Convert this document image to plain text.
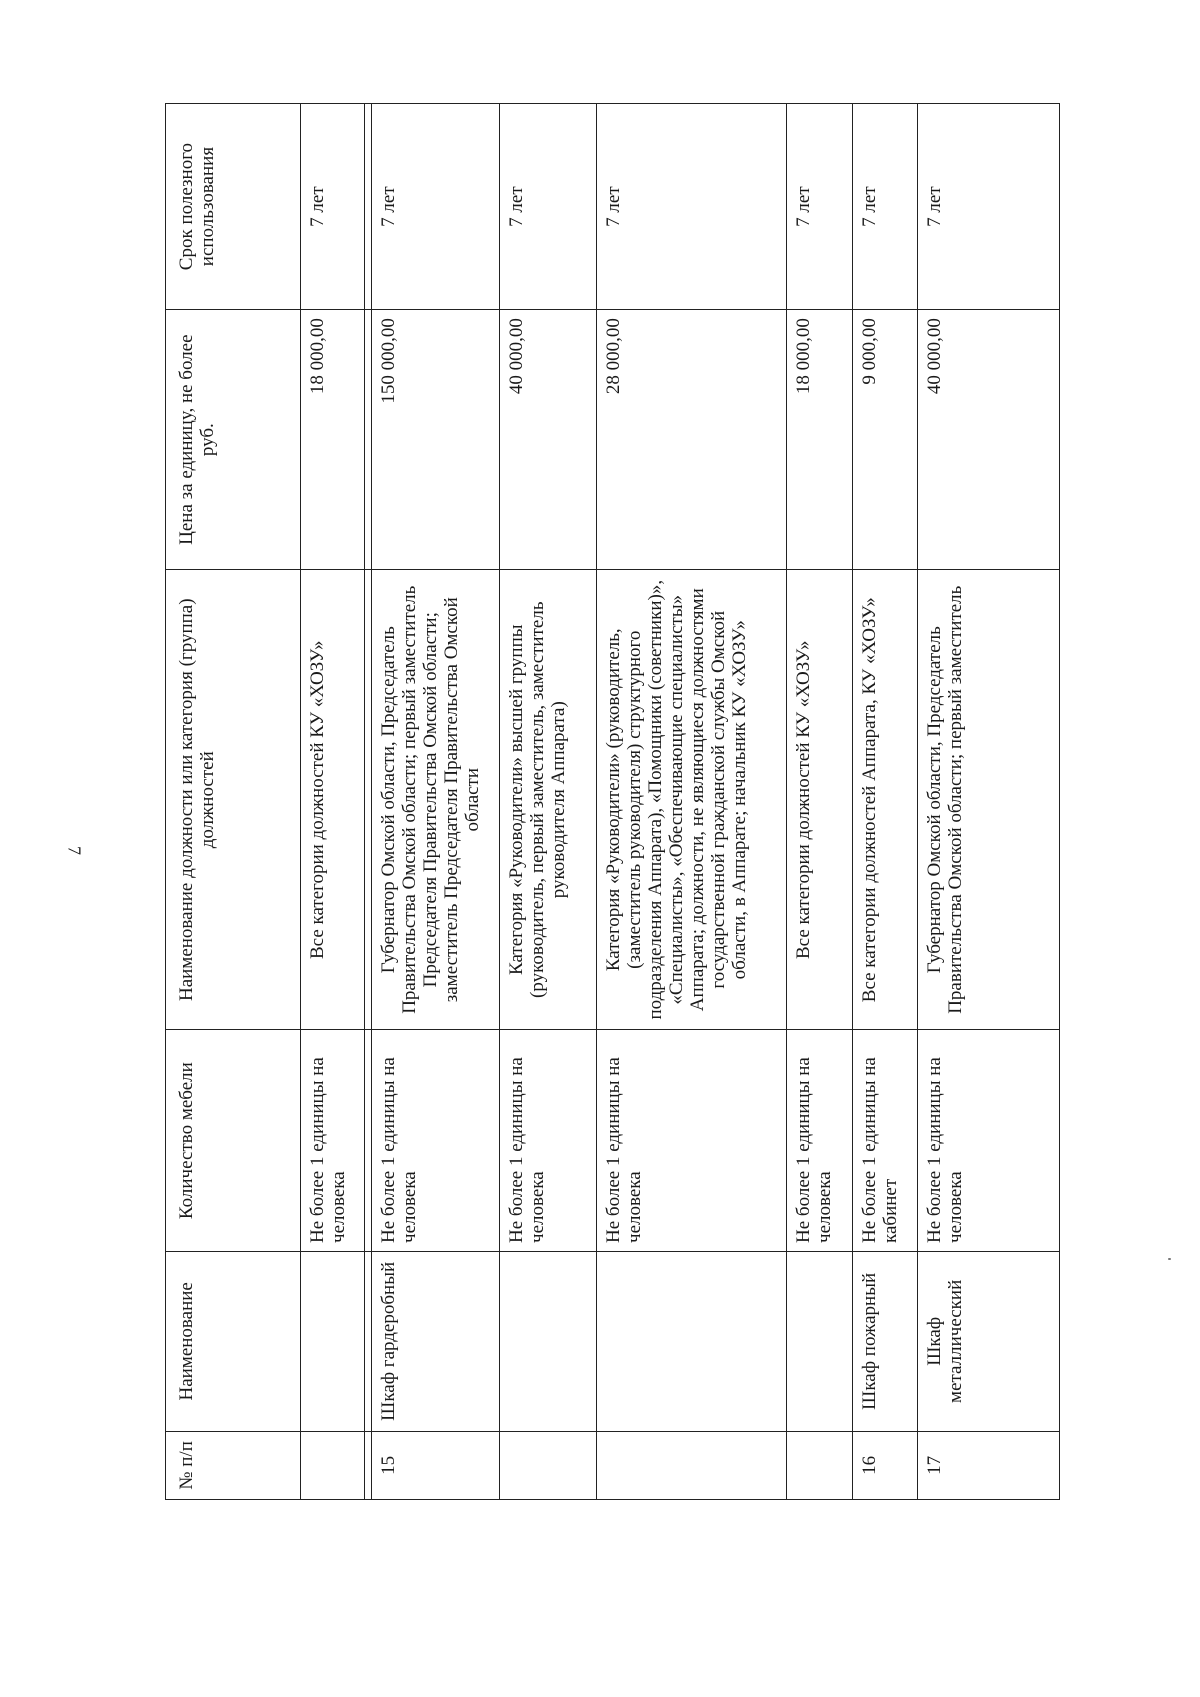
7
№ п/п	Наименование	Количество мебели	Наименование должности или категория (группа) должностей	Цена за единицу, не более руб.	Срок полезного использования
		Не более 1 единицы на человека	Все категории должностей КУ «ХОЗУ»	18 000,00	7 лет

15	Шкаф гардеробный	Не более 1 единицы на человека	Губернатор Омской области, Председатель Правительства Омской области; первый заместитель Председателя Правительства Омской области; заместитель Председателя Правительства Омской области	150 000,00	7 лет
		Не более 1 единицы на человека	Категория «Руководители» высшей группы (руководитель, первый заместитель, заместитель руководителя Аппарата)	40 000,00	7 лет
		Не более 1 единицы на человека	Категория «Руководители» (руководитель, (заместитель руководителя) структурного подразделения Аппарата), «Помощники (советники)», «Специалисты», «Обеспечивающие специалисты» Аппарата; должности, не являющиеся должностями государственной гражданской службы Омской области, в Аппарате; начальник КУ «ХОЗУ»	28 000,00	7 лет
		Не более 1 единицы на человека	Все категории должностей КУ «ХОЗУ»	18 000,00	7 лет
16	Шкаф пожарный	Не более 1 единицы на кабинет	Все категории должностей Аппарата, КУ «ХОЗУ»	9 000,00	7 лет
17	Шкаф металлический	Не более 1 единицы на человека	Губернатор Омской области, Председатель Правительства Омской области; первый заместитель	40 000,00	7 лет
